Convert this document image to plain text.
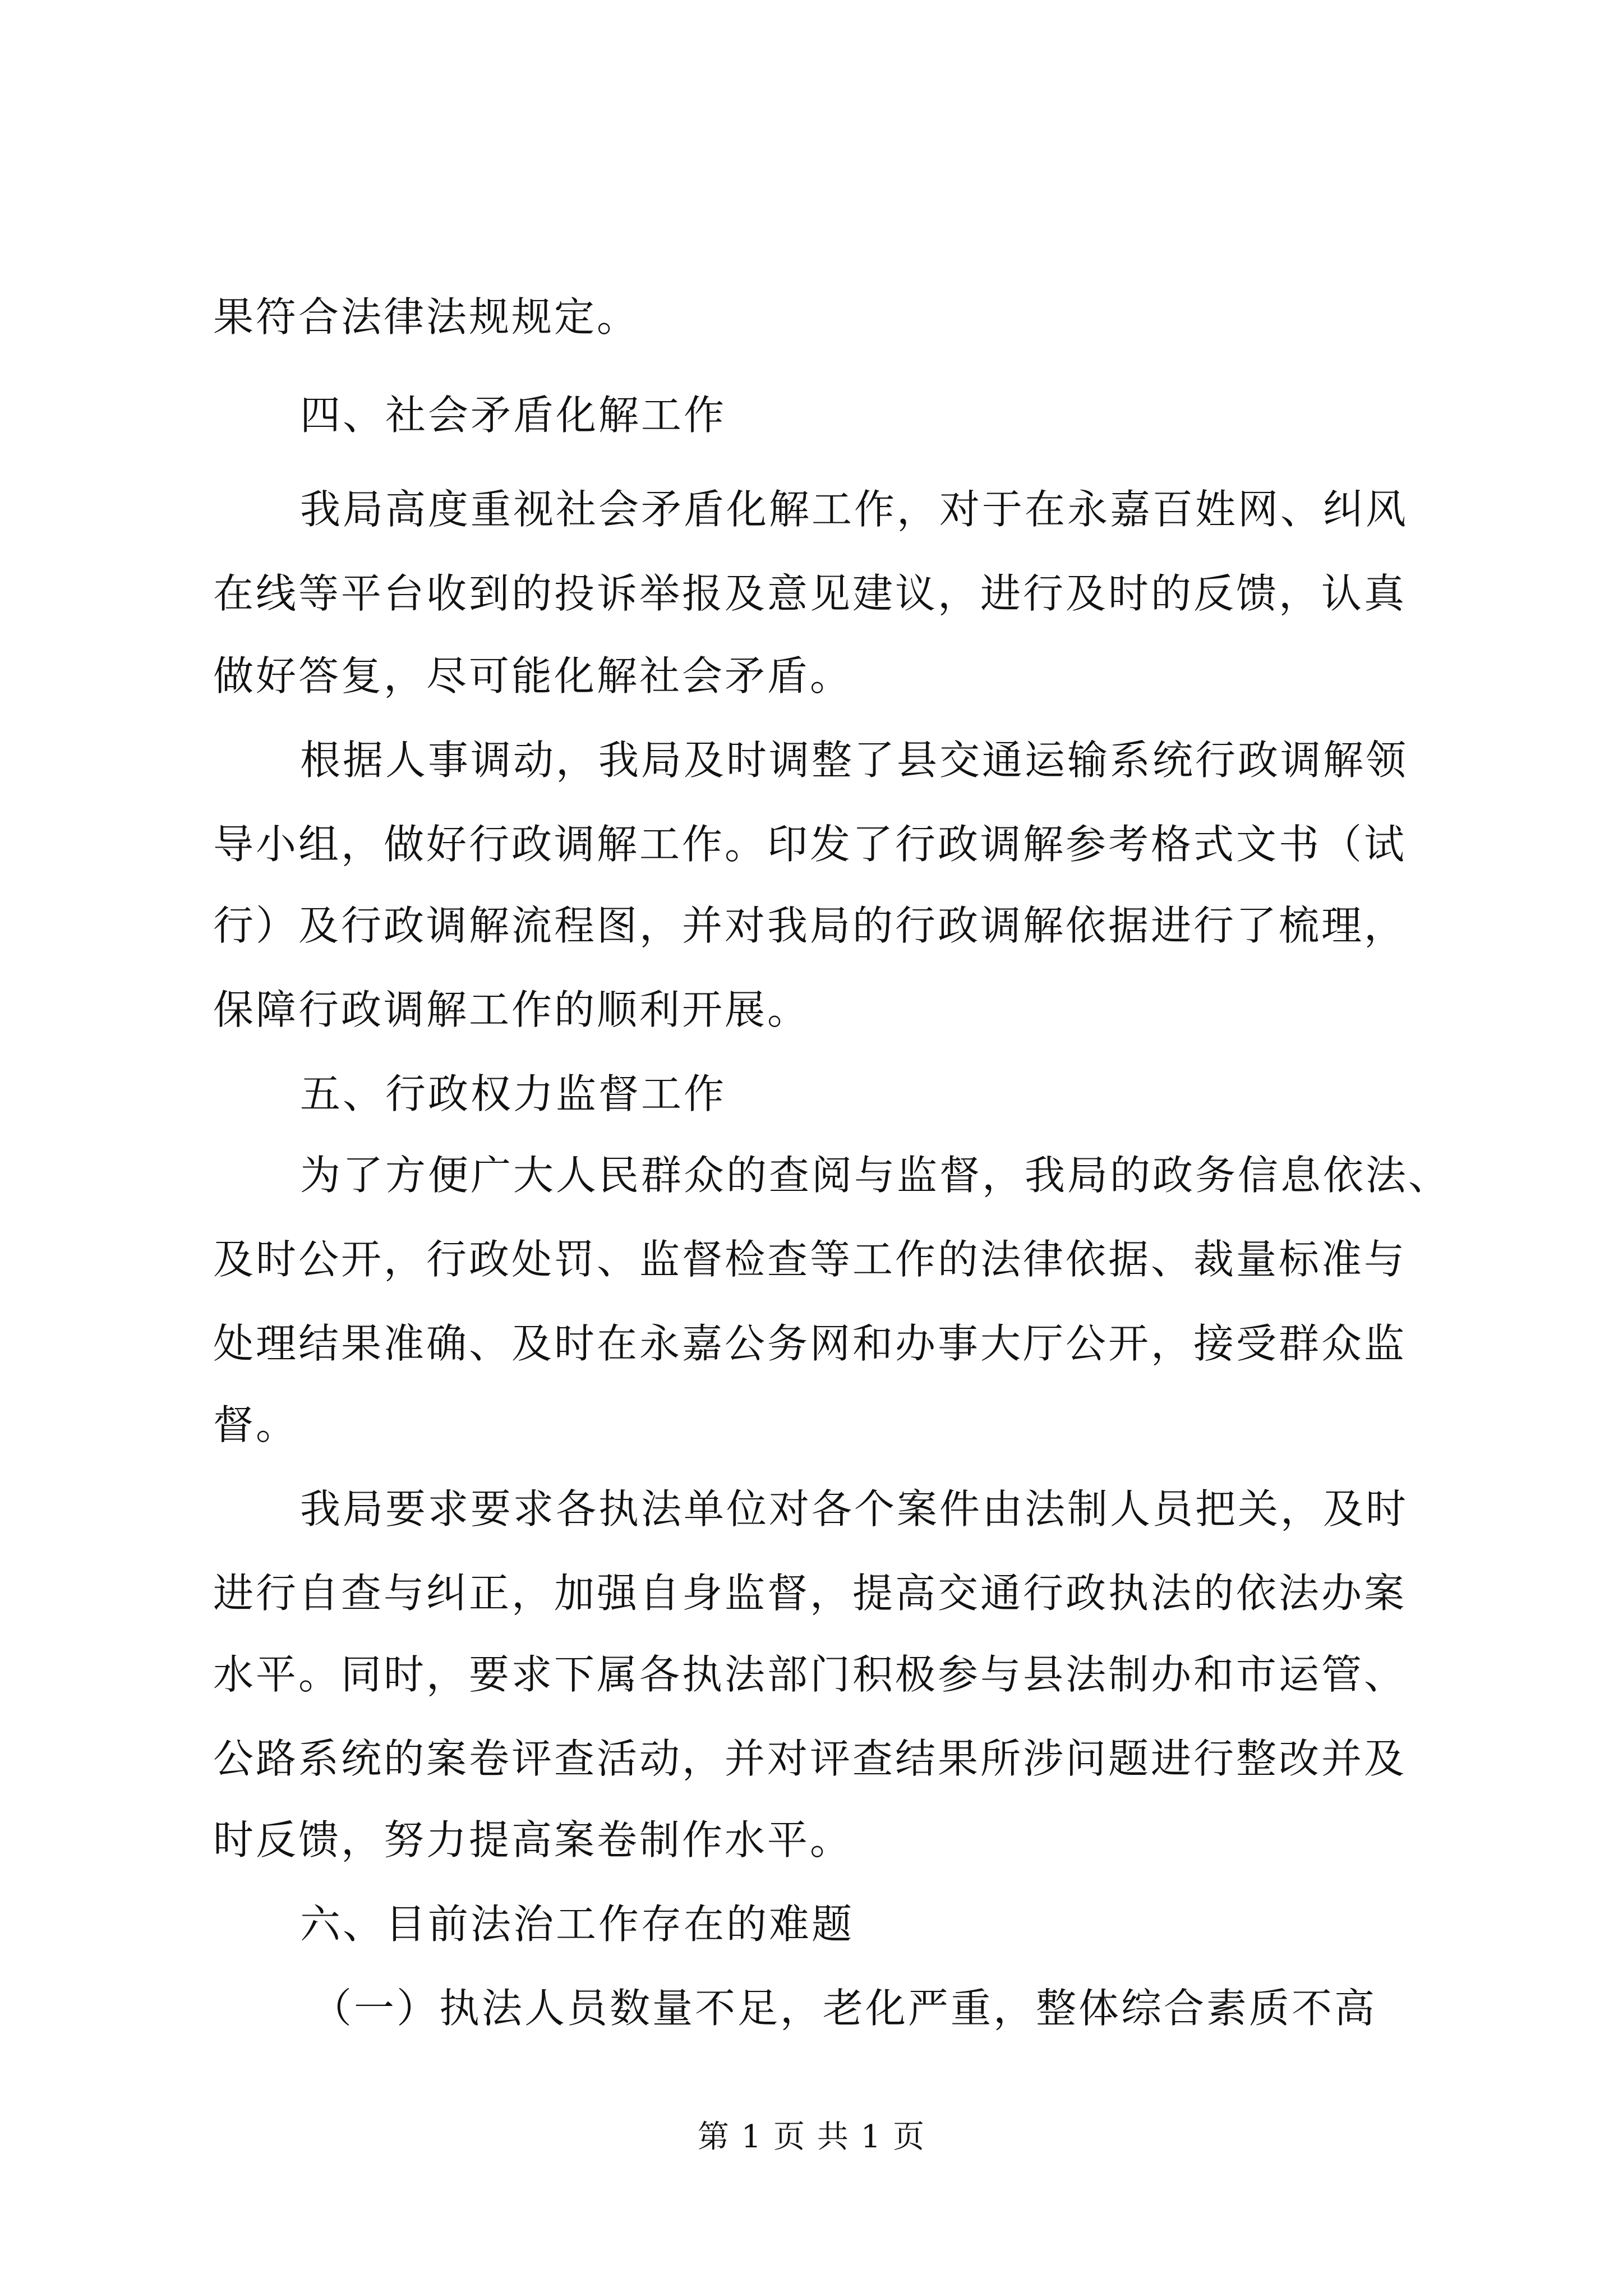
果符合法律法规规定。
四、社会矛盾化解工作
我局高度重视社会矛盾化解工作，对于在永嘉百姓网、纠风
在线等平台收到的投诉举报及意见建议，进行及时的反馈，认真
做好答复，尽可能化解社会矛盾。
根据人事调动，我局及时调整了县交通运输系统行政调解领
导小组，做好行政调解工作。印发了行政调解参考格式文书（试
行）及行政调解流程图，并对我局的行政调解依据进行了梳理，
保障行政调解工作的顺利开展。
五、行政权力监督工作
为了方便广大人民群众的查阅与监督，我局的政务信息依法、
及时公开，行政处罚、监督检查等工作的法律依据、裁量标准与
处理结果准确、及时在永嘉公务网和办事大厅公开，接受群众监
督。
我局要求要求各执法单位对各个案件由法制人员把关，及时
进行自查与纠正，加强自身监督，提高交通行政执法的依法办案
水平。同时，要求下属各执法部门积极参与县法制办和市运管、
公路系统的案卷评查活动，并对评查结果所涉问题进行整改并及
时反馈，努力提高案卷制作水平。
六、目前法治工作存在的难题
（一）执法人员数量不足，老化严重，整体综合素质不高
第 1 页 共 1 页
